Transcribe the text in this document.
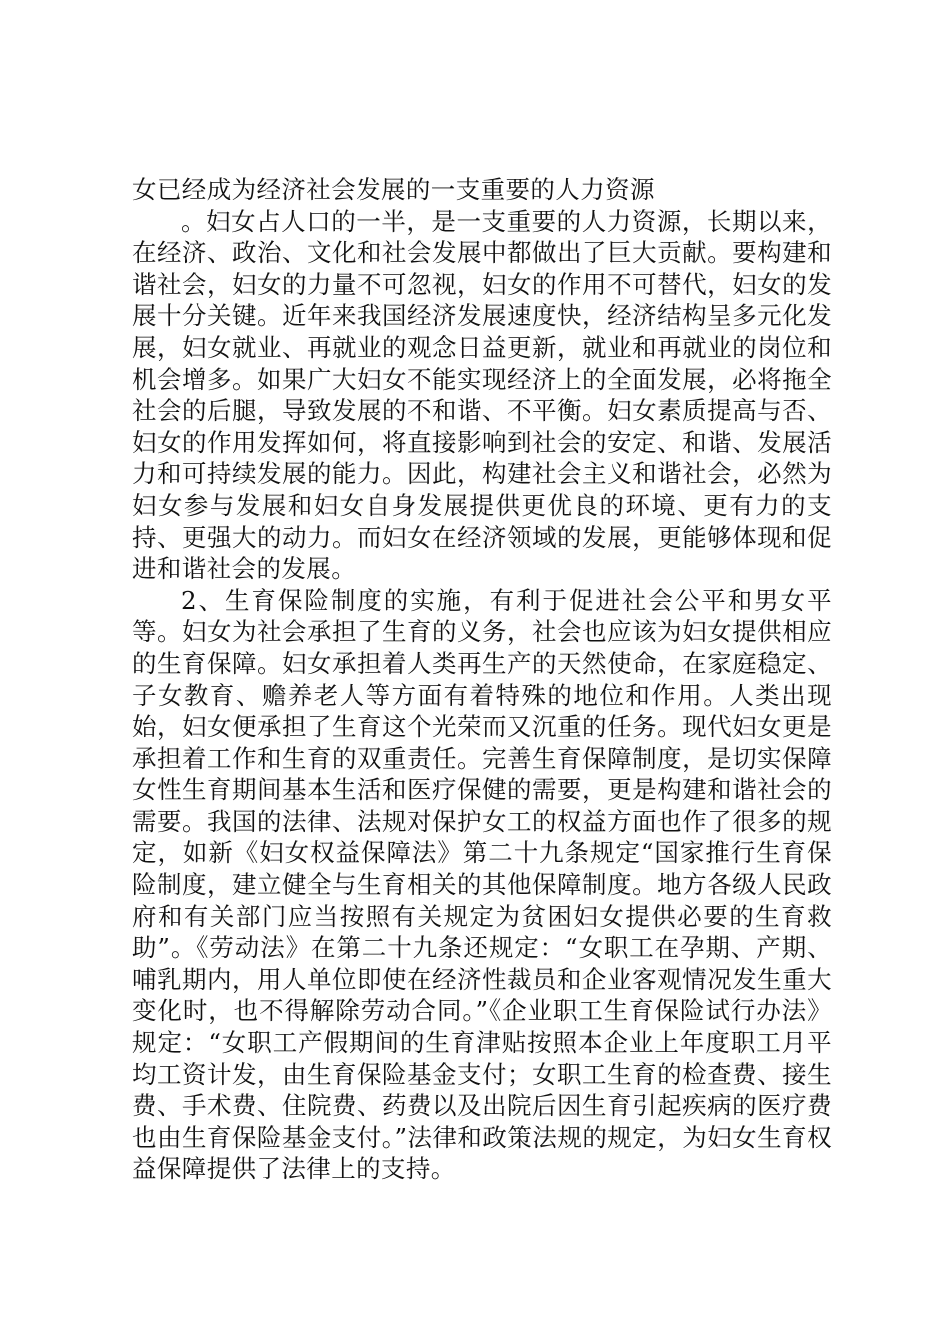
女已经成为经济社会发展的一支重要的人力资源

。妇女占人口的一半，是一支重要的人力资源，长期以来，在经济、政治、文化和社会发展中都做出了巨大贡献。要构建和谐社会，妇女的力量不可忽视，妇女的作用不可替代，妇女的发展十分关键。近年来我国经济发展速度快，经济结构呈多元化发展，妇女就业、再就业的观念日益更新，就业和再就业的岗位和机会增多。如果广大妇女不能实现经济上的全面发展，必将拖全社会的后腿，导致发展的不和谐、不平衡。妇女素质提高与否、妇女的作用发挥如何，将直接影响到社会的安定、和谐、发展活力和可持续发展的能力。因此，构建社会主义和谐社会，必然为妇女参与发展和妇女自身发展提供更优良的环境、更有力的支持、更强大的动力。而妇女在经济领域的发展，更能够体现和促进和谐社会的发展。

2、生育保险制度的实施，有利于促进社会公平和男女平等。妇女为社会承担了生育的义务，社会也应该为妇女提供相应的生育保障。妇女承担着人类再生产的天然使命，在家庭稳定、子女教育、赡养老人等方面有着特殊的地位和作用。人类出现始，妇女便承担了生育这个光荣而又沉重的任务。现代妇女更是承担着工作和生育的双重责任。完善生育保障制度，是切实保障女性生育期间基本生活和医疗保健的需要，更是构建和谐社会的需要。我国的法律、法规对保护女工的权益方面也作了很多的规定，如新《妇女权益保障法》第二十九条规定“国家推行生育保险制度，建立健全与生育相关的其他保障制度。地方各级人民政府和有关部门应当按照有关规定为贫困妇女提供必要的生育救助”。《劳动法》在第二十九条还规定：“女职工在孕期、产期、哺乳期内，用人单位即使在经济性裁员和企业客观情况发生重大变化时，也不得解除劳动合同。”《企业职工生育保险试行办法》规定：“女职工产假期间的生育津贴按照本企业上年度职工月平均工资计发，由生育保险基金支付；女职工生育的检查费、接生费、手术费、住院费、药费以及出院后因生育引起疾病的医疗费也由生育保险基金支付。”法律和政策法规的规定，为妇女生育权益保障提供了法律上的支持。
